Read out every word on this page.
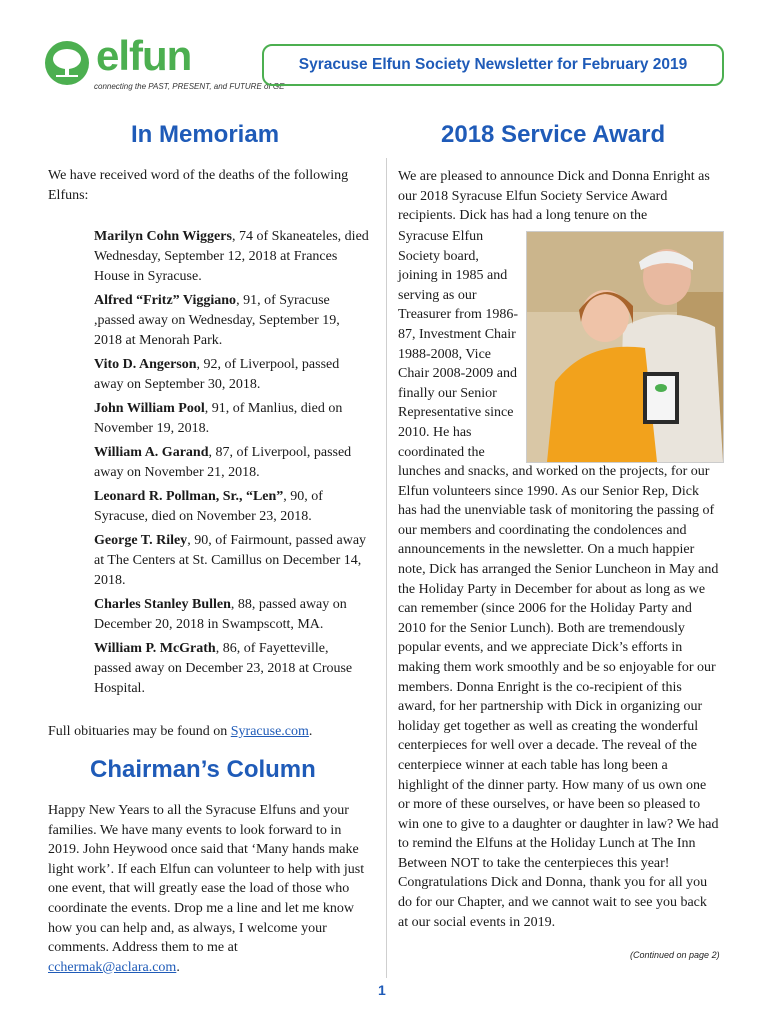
elfun
connecting the PAST, PRESENT, and FUTURE of GE
Syracuse Elfun Society Newsletter for February 2019
In Memoriam

We have received word of the deaths of the following Elfuns:

Marilyn Cohn Wiggers, 74 of Skaneateles, died Wednesday, September 12, 2018 at Frances House in Syracuse.

Alfred “Fritz” Viggiano, 91, of Syracuse ,passed away on Wednesday, September 19, 2018 at Menorah Park.

Vito D. Angerson, 92, of Liverpool, passed away on September 30, 2018.

John William Pool, 91, of Manlius, died on November 19, 2018.

William A. Garand, 87, of Liverpool, passed away on November 21, 2018.

Leonard R. Pollman, Sr., “Len”, 90, of Syracuse, died on November 23, 2018.

George T. Riley, 90, of Fairmount, passed away at The Centers at St. Camillus on December 14, 2018.

Charles Stanley Bullen, 88, passed away on December 20, 2018 in Swampscott, MA.

William P. McGrath, 86, of Fayetteville, passed away on December 23, 2018 at Crouse Hospital.

Full obituaries may be found on Syracuse.com.

Chairman’s Column

Happy New Years to all the Syracuse Elfuns and your families. We have many events to look forward to in 2019. John Heywood once said that ‘Many hands make light work’. If each Elfun can volunteer to help with just one event, that will greatly ease the load of those who coordinate the events. Drop me a line and let me know how you can help and, as always, I welcome your comments. Address them to me at cchermak@aclara.com.

2018 Service Award

We are pleased to announce Dick and Donna Enright as our 2018 Syracuse Elfun Society Service Award recipients. Dick has had a long tenure on the

Syracuse Elfun Society board, joining in 1985 and serving as our Treasurer from 1986-87, Investment Chair 1988-2008, Vice Chair 2008-2009 and finally our Senior Representative since 2010. He has coordinated the

lunches and snacks, and worked on the projects, for our Elfun volunteers since 1990. As our Senior Rep, Dick has had the unenviable task of monitoring the passing of our members and coordinating the condolences and announcements in the newsletter. On a much happier note, Dick has arranged the Senior Luncheon in May and the Holiday Party in December for about as long as we can remember (since 2006 for the Holiday Party and 2010 for the Senior Lunch). Both are tremendously popular events, and we appreciate Dick’s efforts in making them work smoothly and be so enjoyable for our members. Donna Enright is the co-recipient of this award, for her partnership with Dick in organizing our holiday get together as well as creating the wonderful centerpieces for well over a decade. The reveal of the centerpiece winner at each table has long been a highlight of the dinner party. How many of us own one or more of these ourselves, or have been so pleased to win one to give to a daughter or daughter in law? We had to remind the Elfuns at the Holiday Lunch at The Inn Between NOT to take the centerpieces this year! Congratulations Dick and Donna, thank you for all you do for our Chapter, and we cannot wait to see you back at our social events in 2019.

(Continued on page 2)
1
